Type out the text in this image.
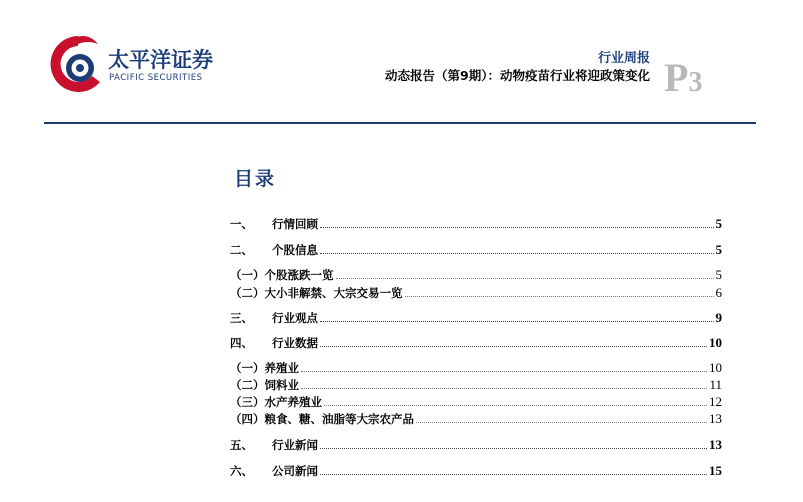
太平洋证券
PACIFIC SECURITIES
行业周报
动态报告（第9期）：动物疫苗行业将迎政策变化 P3
目录
一、	行情回顾	5
二、	个股信息	5
（一）个股涨跌一览	5
（二）大小非解禁、大宗交易一览	6
三、	行业观点	9
四、	行业数据	10
（一）养殖业	10
（二）饲料业	11
（三）水产养殖业	12
（四）粮食、糖、油脂等大宗农产品	13
五、	行业新闻	13
六、	公司新闻	15
